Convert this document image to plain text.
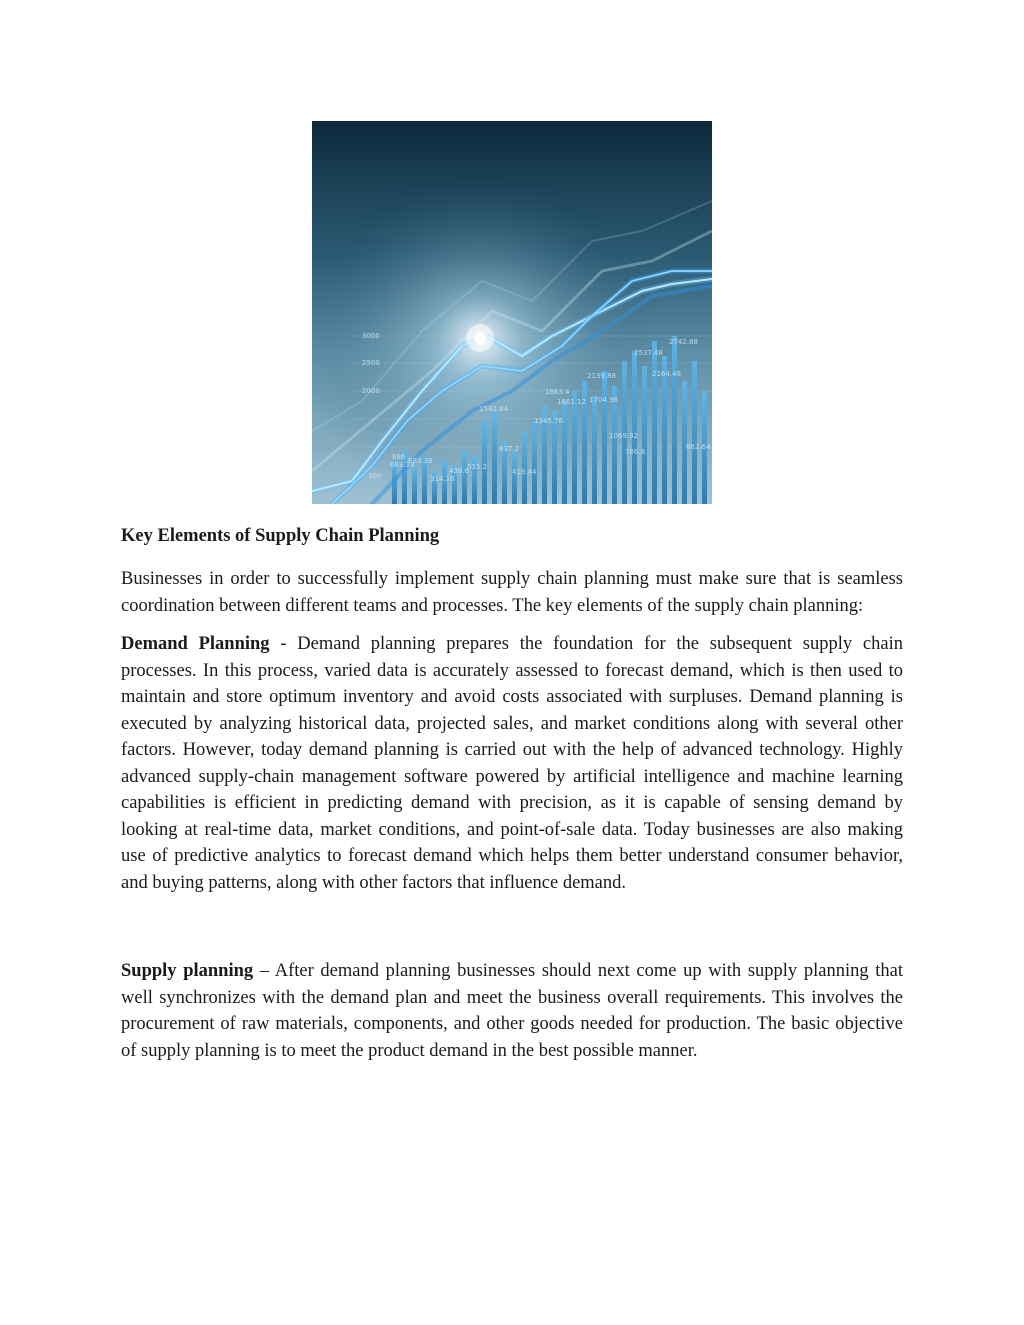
3000
2500
2000
300
2742.88
2537.48
2164.48
2139.88
1863.4
1661.12 1704.96
1542.84
1345.76
1069.32
862.64
837.2	786.8
686
663.38
683.38
515.2
436.6	419.44
314.16
Key Elements of Supply Chain Planning

Businesses in order to successfully implement supply chain planning must make sure that is seamless coordination between different teams and processes. The key elements of the supply chain planning:

Demand Planning - Demand planning prepares the foundation for the subsequent supply chain processes. In this process, varied data is accurately assessed to forecast demand, which is then used to maintain and store optimum inventory and avoid costs associated with surpluses. Demand planning is executed by analyzing historical data, projected sales, and market conditions along with several other factors. However, today demand planning is carried out with the help of advanced technology. Highly advanced supply-chain management software powered by artificial intelligence and machine learning capabilities is efficient in predicting demand with precision, as it is capable of sensing demand by looking at real-time data, market conditions, and point-of-sale data. Today businesses are also making use of predictive analytics to forecast demand which helps them better understand consumer behavior, and buying patterns, along with other factors that influence demand.

Supply planning – After demand planning businesses should next come up with supply planning that well synchronizes with the demand plan and meet the business overall requirements. This involves the procurement of raw materials, components, and other goods needed for production. The basic objective of supply planning is to meet the product demand in the best possible manner.
